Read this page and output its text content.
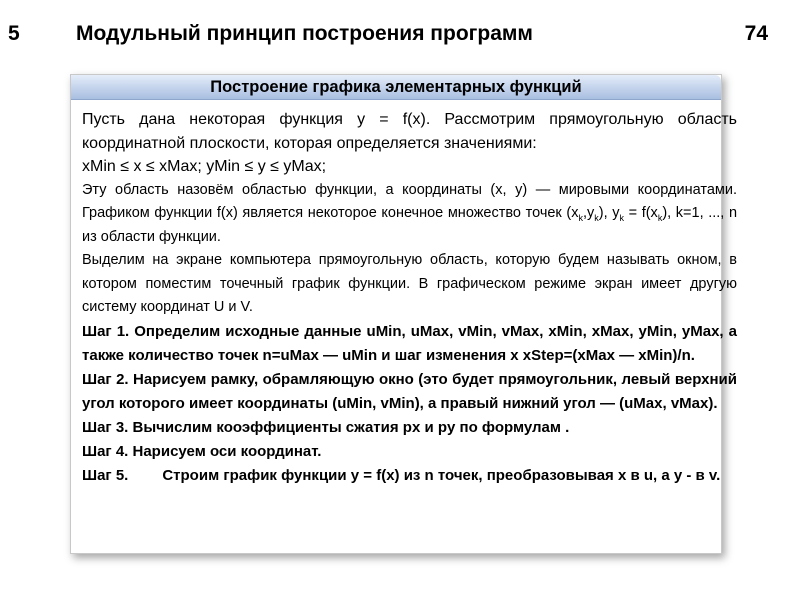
5	Модульный принцип построения программ	74
Построение графика элементарных функций

Пусть дана некоторая функция y = f(x). Рассмотрим прямоугольную область координатной плоскости, которая определяется значениями:

xMin ≤ x ≤ xMax; yMin ≤ y ≤ yMax;

Эту область назовём областью функции, а координаты (x, y) — мировыми координатами. Графиком функции f(x) является некоторое конечное множество точек $(x_k,y_k)$, $y_k = f(x_k)$, k=1, ..., n из области функции.

Выделим на экране компьютера прямоугольную область, которую будем называть окном, в котором поместим точечный график функции. В графическом режиме экран имеет другую систему координат U и V.

Шаг 1. Определим исходные данные uMin, uMax, vMin, vMax, xMin, xMax, yMin, yMax, а также количество точек n=uMax — uMin и шаг изменения x xStep=(xMax — xMin)/n.

Шаг 2. Нарисуем рамку, обрамляющую окно (это будет прямоугольник, левый верхний угол которого имеет координаты (uMin, vMin), а правый нижний угол — (uMax, vMax).

Шаг 3. Вычислим кооэффициенты сжатия px и py по формулам .

Шаг 4. Нарисуем оси координат.

Шаг 5. Строим график функции y = f(x) из n точек, преобразовывая x в u, а y - в v.
